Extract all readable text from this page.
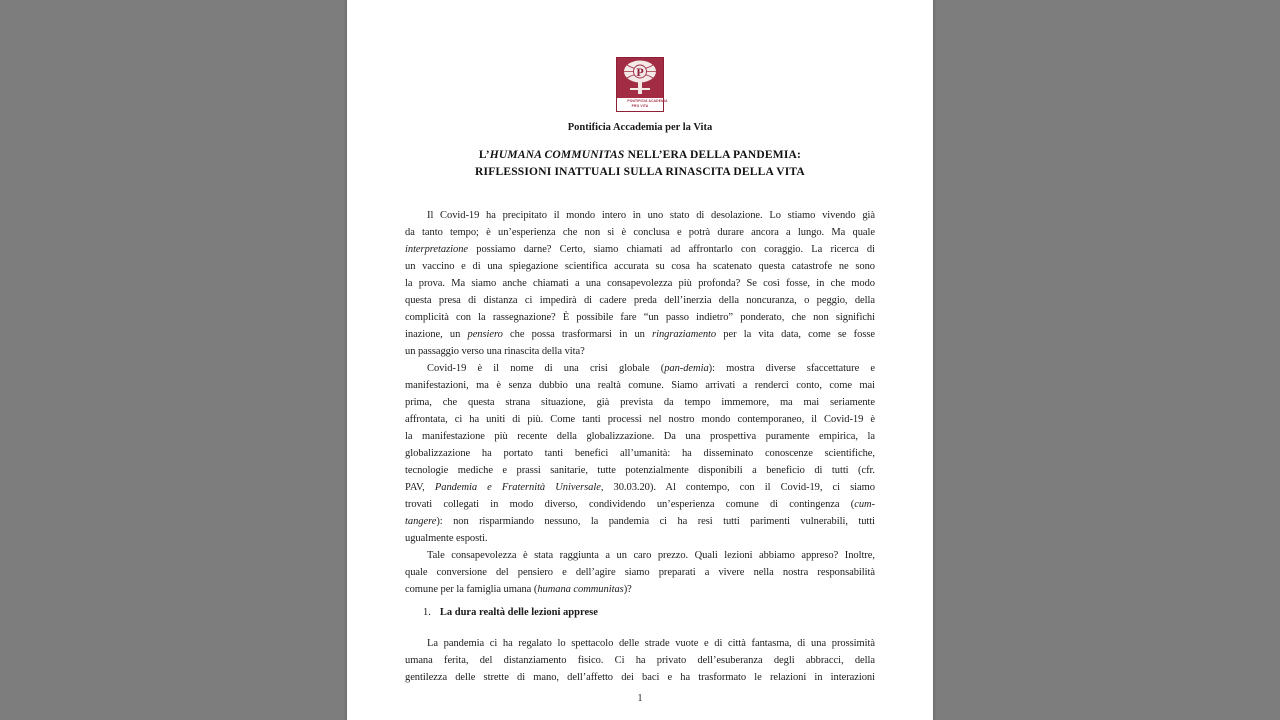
P
PONTIFICIA ACADEMIA
PRO VITA
Pontificia Accademia per la Vita
L’HUMANA COMMUNITAS NELL’ERA DELLA PANDEMIA:
RIFLESSIONI INATTUALI SULLA RINASCITA DELLA VITA
Il Covid-19 ha precipitato il mondo intero in uno stato di desolazione. Lo stiamo vivendo già
da tanto tempo; è un’esperienza che non si è conclusa e potrà durare ancora a lungo. Ma quale
interpretazione possiamo darne? Certo, siamo chiamati ad affrontarlo con coraggio. La ricerca di
un vaccino e di una spiegazione scientifica accurata su cosa ha scatenato questa catastrofe ne sono
la prova. Ma siamo anche chiamati a una consapevolezza più profonda? Se così fosse, in che modo
questa presa di distanza ci impedirà di cadere preda dell’inerzia della noncuranza, o peggio, della
complicità con la rassegnazione? È possibile fare “un passo indietro” ponderato, che non significhi
inazione, un pensiero che possa trasformarsi in un ringraziamento per la vita data, come se fosse
un passaggio verso una rinascita della vita?
Covid-19 è il nome di una crisi globale (pan-demia): mostra diverse sfaccettature e
manifestazioni, ma è senza dubbio una realtà comune. Siamo arrivati a renderci conto, come mai
prima, che questa strana situazione, già prevista da tempo immemore, ma mai seriamente
affrontata, ci ha uniti di più. Come tanti processi nel nostro mondo contemporaneo, il Covid-19 è
la manifestazione più recente della globalizzazione. Da una prospettiva puramente empirica, la
globalizzazione ha portato tanti benefici all’umanità: ha disseminato conoscenze scientifiche,
tecnologie mediche e prassi sanitarie, tutte potenzialmente disponibili a beneficio di tutti (cfr.
PAV, Pandemia e Fraternità Universale, 30.03.20). Al contempo, con il Covid-19, ci siamo
trovati collegati in modo diverso, condividendo un’esperienza comune di contingenza (cum-
tangere): non risparmiando nessuno, la pandemia ci ha resi tutti parimenti vulnerabili, tutti
ugualmente esposti.
Tale consapevolezza è stata raggiunta a un caro prezzo. Quali lezioni abbiamo appreso? Inoltre,
quale conversione del pensiero e dell’agire siamo preparati a vivere nella nostra responsabilità
comune per la famiglia umana (humana communitas)?
1. La dura realtà delle lezioni apprese
La pandemia ci ha regalato lo spettacolo delle strade vuote e di città fantasma, di una prossimità
umana ferita, del distanziamento fisico. Ci ha privato dell’esuberanza degli abbracci, della
gentilezza delle strette di mano, dell’affetto dei baci e ha trasformato le relazioni in interazioni
1
